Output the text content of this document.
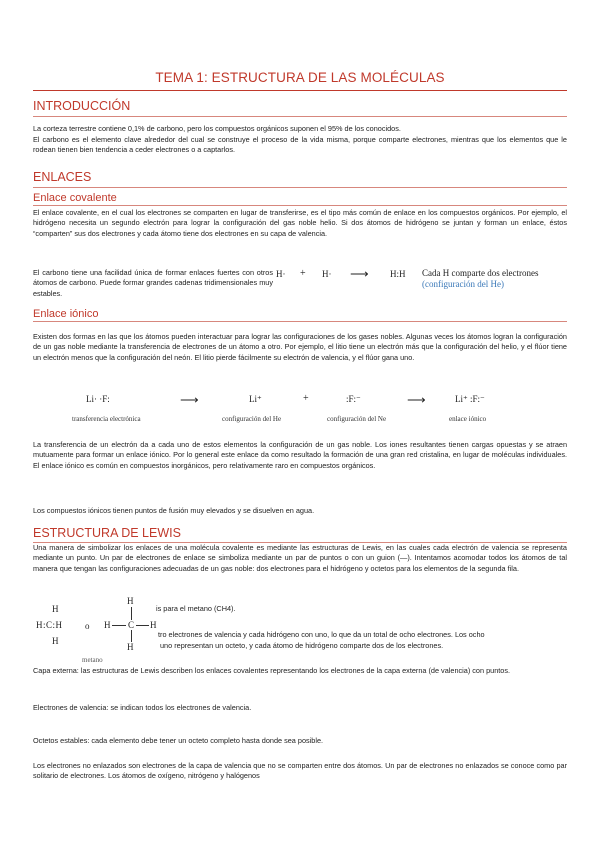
TEMA 1: ESTRUCTURA DE LAS MOLÉCULAS
INTRODUCCIÓN
La corteza terrestre contiene 0,1% de carbono, pero los compuestos orgánicos suponen el 95% de los conocidos.
El carbono es el elemento clave alrededor del cual se construye el proceso de la vida misma, porque comparte electrones, mientras que los elementos que le rodean tienen bien tendencia a ceder electrones o a captarlos.
ENLACES
Enlace covalente
El enlace covalente, en el cual los electrones se comparten en lugar de transferirse, es el tipo más común de enlace en los compuestos orgánicos. Por ejemplo, el hidrógeno necesita un segundo electrón para lograr la configuración del gas noble helio. Si dos átomos de hidrógeno se juntan y forman un enlace, éstos “comparten” sus dos electrones y cada átomo tiene dos electrones en su capa de valencia.
El carbono tiene una facilidad única de formar enlaces fuertes con otros átomos de carbono. Puede formar grandes cadenas tridimensionales muy estables.
H· + H· ⟶ H:H Cada H comparte dos electrones
(configuración del He)
Enlace iónico
Existen dos formas en las que los átomos pueden interactuar para lograr las configuraciones de los gases nobles. Algunas veces los átomos logran la configuración de un gas noble mediante la transferencia de electrones de un átomo a otro. Por ejemplo, el litio tiene un electrón más que la configuración del helio, y el flúor tiene un electrón menos que la configuración del neón. El litio pierde fácilmente su electrón de valencia, y el flúor gana uno.
Li· ·F:	⟶	Li⁺	+	:F:⁻	⟶	Li⁺ :F:⁻
transferencia electrónica	configuración del He	configuración del Ne	enlace iónico
La transferencia de un electrón da a cada uno de estos elementos la configuración de un gas noble. Los iones resultantes tienen cargas opuestas y se atraen mutuamente para formar un enlace iónico. Por lo general este enlace da como resultado la formación de una gran red cristalina, en lugar de moléculas individuales. El enlace iónico es común en compuestos inorgánicos, pero relativamente raro en compuestos orgánicos.
Los compuestos iónicos tienen puntos de fusión muy elevados y se disuelven en agua.
ESTRUCTURA DE LEWIS
Una manera de simbolizar los enlaces de una molécula covalente es mediante las estructuras de Lewis, en las cuales cada electrón de valencia se representa mediante un punto. Un par de electrones de enlace se simboliza mediante un par de puntos o con un guion (—). Intentamos acomodar todos los átomos de tal manera que tengan las configuraciones adecuadas de un gas noble: dos electrones para el hidrógeno y octetos para los elementos de la segunda fila.
H
H:C:H
H
o
H
H C H
H
metano
is para el metano (CH4).
tro electrones de valencia y cada hidrógeno con uno, lo que da un total de ocho electrones. Los ocho
uno representan un octeto, y cada átomo de hidrógeno comparte dos de los electrones.
Capa externa: las estructuras de Lewis describen los enlaces covalentes representando los electrones de la capa externa (de valencia) con puntos.
Electrones de valencia: se indican todos los electrones de valencia.
Octetos estables: cada elemento debe tener un octeto completo hasta donde sea posible.
Los electrones no enlazados son electrones de la capa de valencia que no se comparten entre dos átomos. Un par de electrones no enlazados se conoce como par solitario de electrones. Los átomos de oxígeno, nitrógeno y halógenos
